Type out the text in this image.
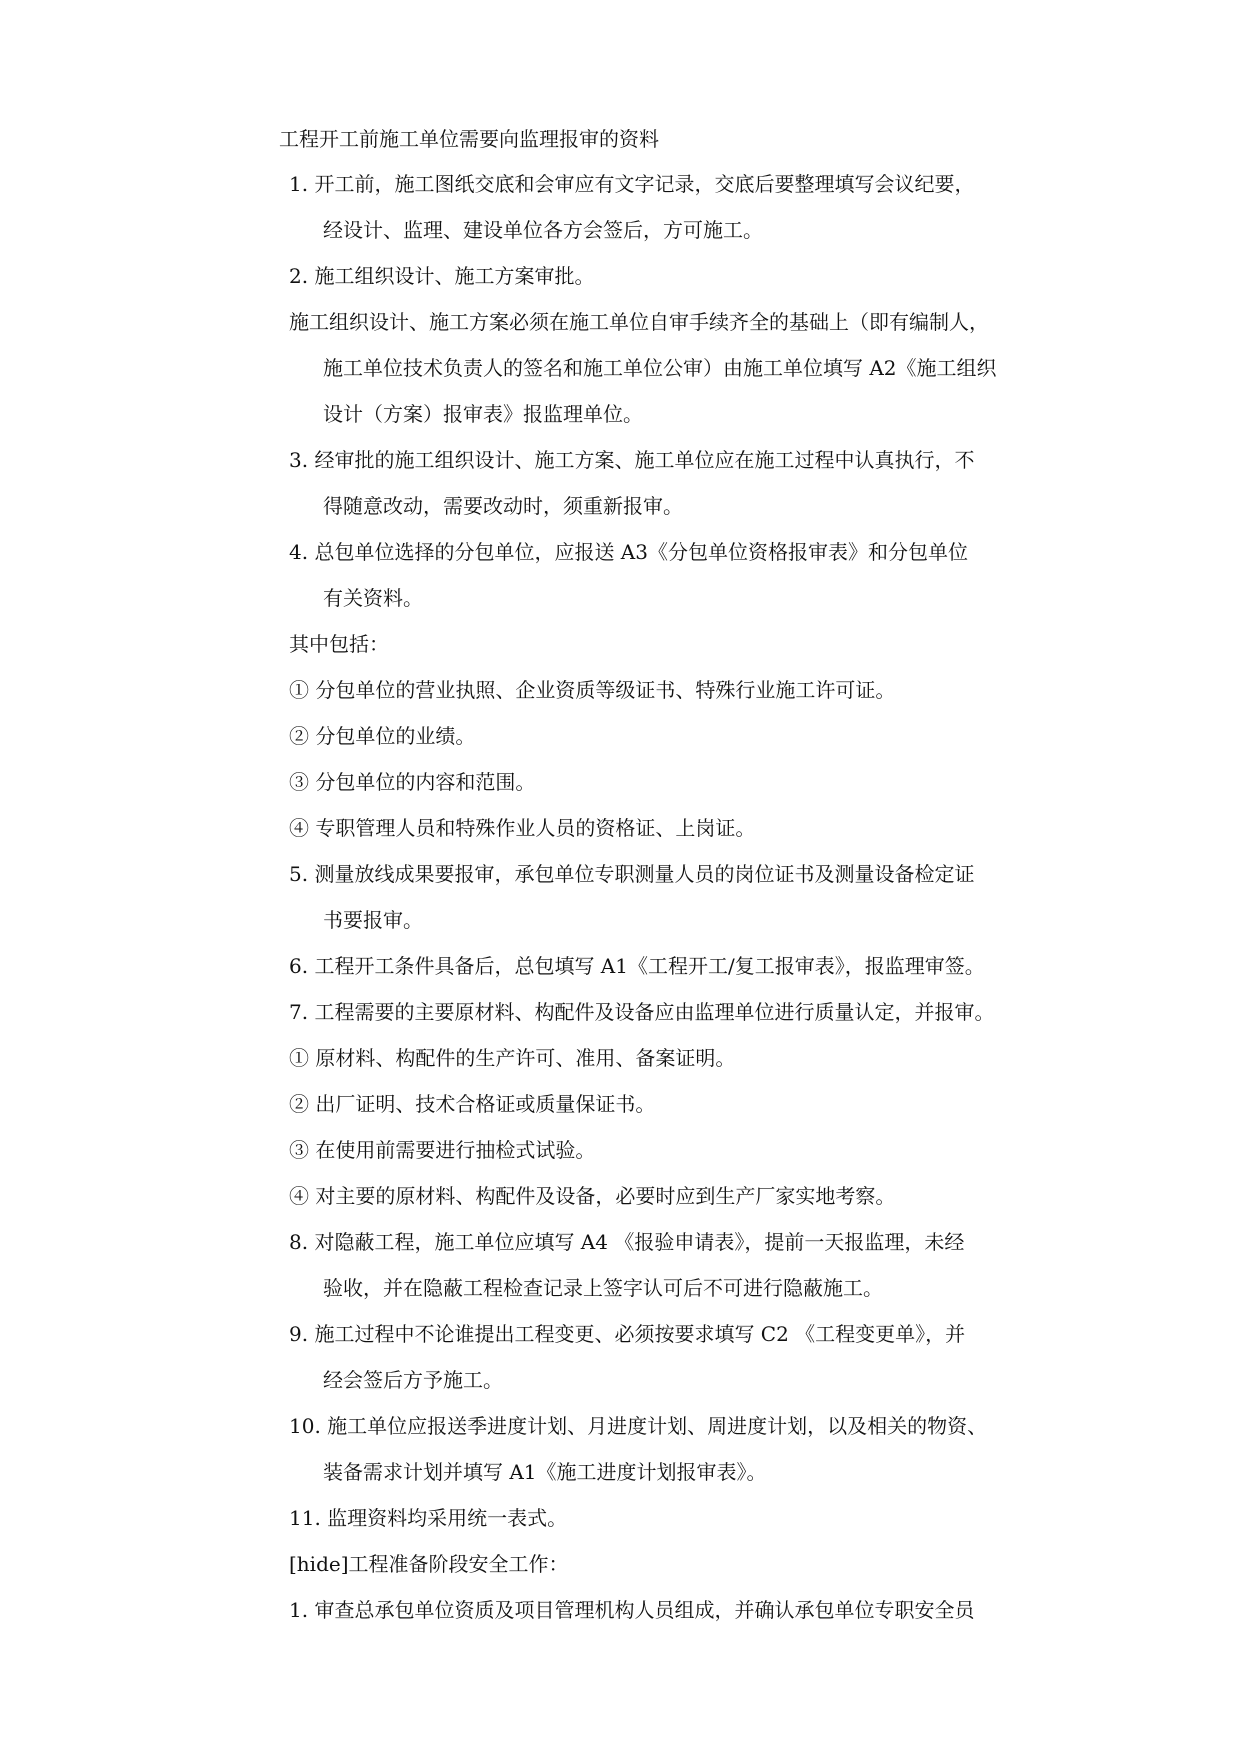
工程开工前施工单位需要向监理报审的资料
1. 开工前，施工图纸交底和会审应有文字记录，交底后要整理填写会议纪要，
经设计、监理、建设单位各方会签后，方可施工。
2. 施工组织设计、施工方案审批。
施工组织设计、施工方案必须在施工单位自审手续齐全的基础上（即有编制人，
施工单位技术负责人的签名和施工单位公审）由施工单位填写 A2《施工组织
设计（方案）报审表》报监理单位。
3. 经审批的施工组织设计、施工方案、施工单位应在施工过程中认真执行，不
得随意改动，需要改动时，须重新报审。
4. 总包单位选择的分包单位，应报送 A3《分包单位资格报审表》和分包单位
有关资料。
其中包括：
① 分包单位的营业执照、企业资质等级证书、特殊行业施工许可证。
② 分包单位的业绩。
③ 分包单位的内容和范围。
④ 专职管理人员和特殊作业人员的资格证、上岗证。
5. 测量放线成果要报审，承包单位专职测量人员的岗位证书及测量设备检定证
书要报审。
6. 工程开工条件具备后，总包填写 A1《工程开工/复工报审表》，报监理审签。
7. 工程需要的主要原材料、构配件及设备应由监理单位进行质量认定，并报审。
① 原材料、构配件的生产许可、准用、备案证明。
② 出厂证明、技术合格证或质量保证书。
③ 在使用前需要进行抽检式试验。
④ 对主要的原材料、构配件及设备，必要时应到生产厂家实地考察。
8. 对隐蔽工程，施工单位应填写 A4 《报验申请表》，提前一天报监理，未经
验收，并在隐蔽工程检查记录上签字认可后不可进行隐蔽施工。
9. 施工过程中不论谁提出工程变更、必须按要求填写 C2 《工程变更单》，并
经会签后方予施工。
10. 施工单位应报送季进度计划、月进度计划、周进度计划，以及相关的物资、
装备需求计划并填写 A1《施工进度计划报审表》。
11. 监理资料均采用统一表式。
[hide]工程准备阶段安全工作：
1. 审查总承包单位资质及项目管理机构人员组成，并确认承包单位专职安全员
